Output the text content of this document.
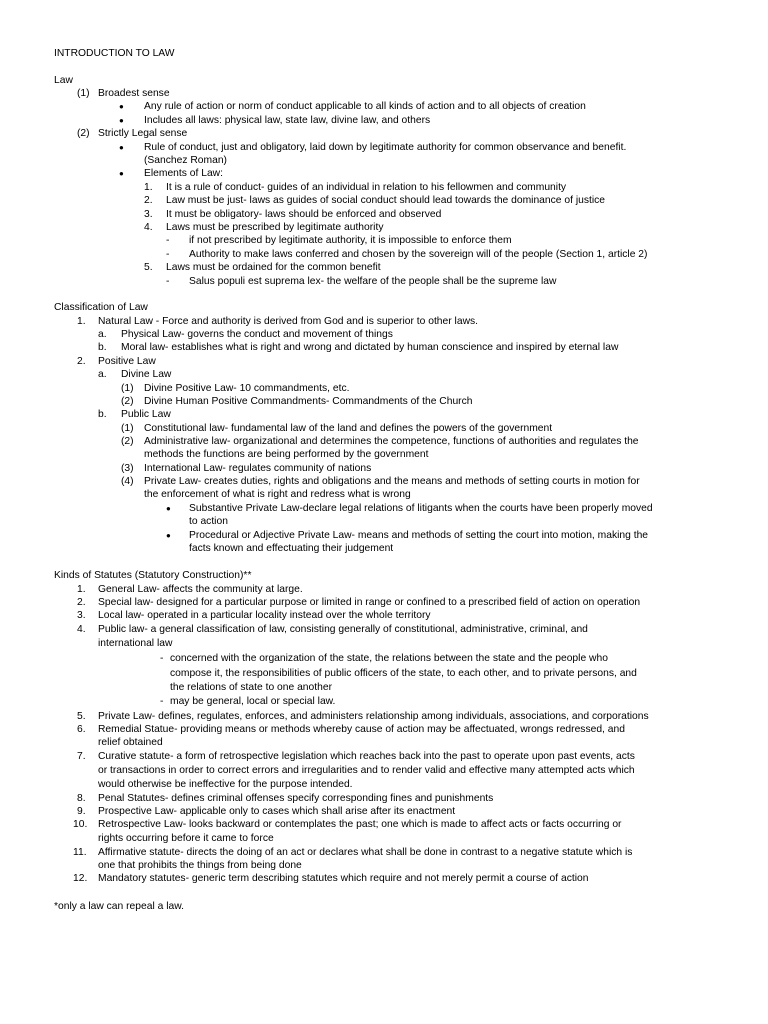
INTRODUCTION TO LAW
Law
(1) Broadest sense
● Any rule of action or norm of conduct applicable to all kinds of action and to all objects of creation
● Includes all laws: physical law, state law, divine law, and others
(2) Strictly Legal sense
● Rule of conduct, just and obligatory, laid down by legitimate authority for common observance and benefit.
(Sanchez Roman)
● Elements of Law:
1. It is a rule of conduct- guides of an individual in relation to his fellowmen and community
2. Law must be just- laws as guides of social conduct should lead towards the dominance of justice
3. It must be obligatory- laws should be enforced and observed
4. Laws must be prescribed by legitimate authority
- if not prescribed by legitimate authority, it is impossible to enforce them
- Authority to make laws conferred and chosen by the sovereign will of the people (Section 1, article 2)
5. Laws must be ordained for the common benefit
- Salus populi est suprema lex- the welfare of the people shall be the supreme law
Classification of Law
1. Natural Law - Force and authority is derived from God and is superior to other laws.
a. Physical Law- governs the conduct and movement of things
b. Moral law- establishes what is right and wrong and dictated by human conscience and inspired by eternal law
2. Positive Law
a. Divine Law
(1) Divine Positive Law- 10 commandments, etc.
(2) Divine Human Positive Commandments- Commandments of the Church
b. Public Law
(1) Constitutional law- fundamental law of the land and defines the powers of the government
(2) Administrative law- organizational and determines the competence, functions of authorities and regulates the
methods the functions are being performed by the government
(3) International Law- regulates community of nations
(4) Private Law- creates duties, rights and obligations and the means and methods of setting courts in motion for
the enforcement of what is right and redress what is wrong
● Substantive Private Law-declare legal relations of litigants when the courts have been properly moved
to action
● Procedural or Adjective Private Law- means and methods of setting the court into motion, making the
facts known and effectuating their judgement
Kinds of Statutes (Statutory Construction)**
1. General Law- affects the community at large.
2. Special law- designed for a particular purpose or limited in range or confined to a prescribed field of action on operation
3. Local law- operated in a particular locality instead over the whole territory
4. Public law- a general classification of law, consisting generally of constitutional, administrative, criminal, and
international law
- concerned with the organization of the state, the relations between the state and the people who
compose it, the responsibilities of public officers of the state, to each other, and to private persons, and
the relations of state to one another
- may be general, local or special law.
5. Private Law- defines, regulates, enforces, and administers relationship among individuals, associations, and corporations
6. Remedial Statue- providing means or methods whereby cause of action may be affectuated, wrongs redressed, and
relief obtained
7. Curative statute- a form of retrospective legislation which reaches back into the past to operate upon past events, acts
or transactions in order to correct errors and irregularities and to render valid and effective many attempted acts which
would otherwise be ineffective for the purpose intended.
8. Penal Statutes- defines criminal offenses specify corresponding fines and punishments
9. Prospective Law- applicable only to cases which shall arise after its enactment
10. Retrospective Law- looks backward or contemplates the past; one which is made to affect acts or facts occurring or
rights occurring before it came to force
11. Affirmative statute- directs the doing of an act or declares what shall be done in contrast to a negative statute which is
one that prohibits the things from being done
12. Mandatory statutes- generic term describing statutes which require and not merely permit a course of action
*only a law can repeal a law.
